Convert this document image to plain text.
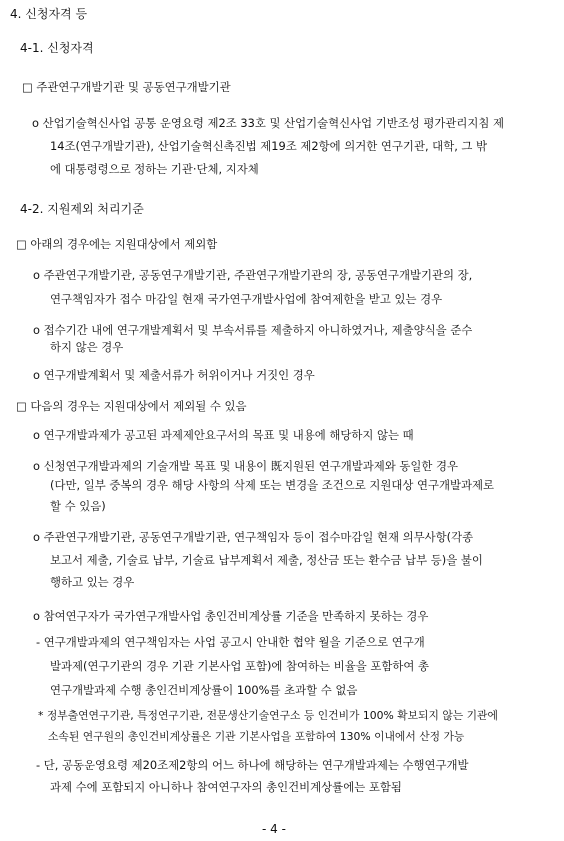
4. 신청자격 등
4-1. 신청자격
□ 주관연구개발기관 및 공동연구개발기관
o 산업기술혁신사업 공통 운영요령 제2조 33호 및 산업기술혁신사업 기반조성 평가관리지침 제
14조(연구개발기관), 산업기술혁신촉진법 제19조 제2항에 의거한 연구기관, 대학, 그 밖
에 대통령령으로 정하는 기관·단체, 지자체
4-2. 지원제외 처리기준
□ 아래의 경우에는 지원대상에서 제외함
o 주관연구개발기관, 공동연구개발기관, 주관연구개발기관의 장, 공동연구개발기관의 장,
연구책임자가 접수 마감일 현재 국가연구개발사업에 참여제한을 받고 있는 경우
o 접수기간 내에 연구개발계획서 및 부속서류를 제출하지 아니하였거나, 제출양식을 준수
하지 않은 경우
o 연구개발계획서 및 제출서류가 허위이거나 거짓인 경우
□ 다음의 경우는 지원대상에서 제외될 수 있음
o 연구개발과제가 공고된 과제제안요구서의 목표 및 내용에 해당하지 않는 때
o 신청연구개발과제의 기술개발 목표 및 내용이 既지원된 연구개발과제와 동일한 경우
(다만, 일부 중복의 경우 해당 사항의 삭제 또는 변경을 조건으로 지원대상 연구개발과제로
할 수 있음)
o 주관연구개발기관, 공동연구개발기관, 연구책임자 등이 접수마감일 현재 의무사항(각종
보고서 제출, 기술료 납부, 기술료 납부계획서 제출, 정산금 또는 환수금 납부 등)을 불이
행하고 있는 경우
o 참여연구자가 국가연구개발사업 총인건비계상률 기준을 만족하지 못하는 경우
- 연구개발과제의 연구책임자는 사업 공고시 안내한 협약 월을 기준으로 연구개
발과제(연구기관의 경우 기관 기본사업 포함)에 참여하는 비율을 포함하여 총
연구개발과제 수행 총인건비계상률이 100%를 초과할 수 없음
* 정부출연연구기관, 특정연구기관, 전문생산기술연구소 등 인건비가 100% 확보되지 않는 기관에
소속된 연구원의 총인건비계상률은 기관 기본사업을 포함하여 130% 이내에서 산정 가능
- 단, 공동운영요령 제20조제2항의 어느 하나에 해당하는 연구개발과제는 수행연구개발
과제 수에 포함되지 아니하나 참여연구자의 총인건비계상률에는 포함됨
- 4 -
